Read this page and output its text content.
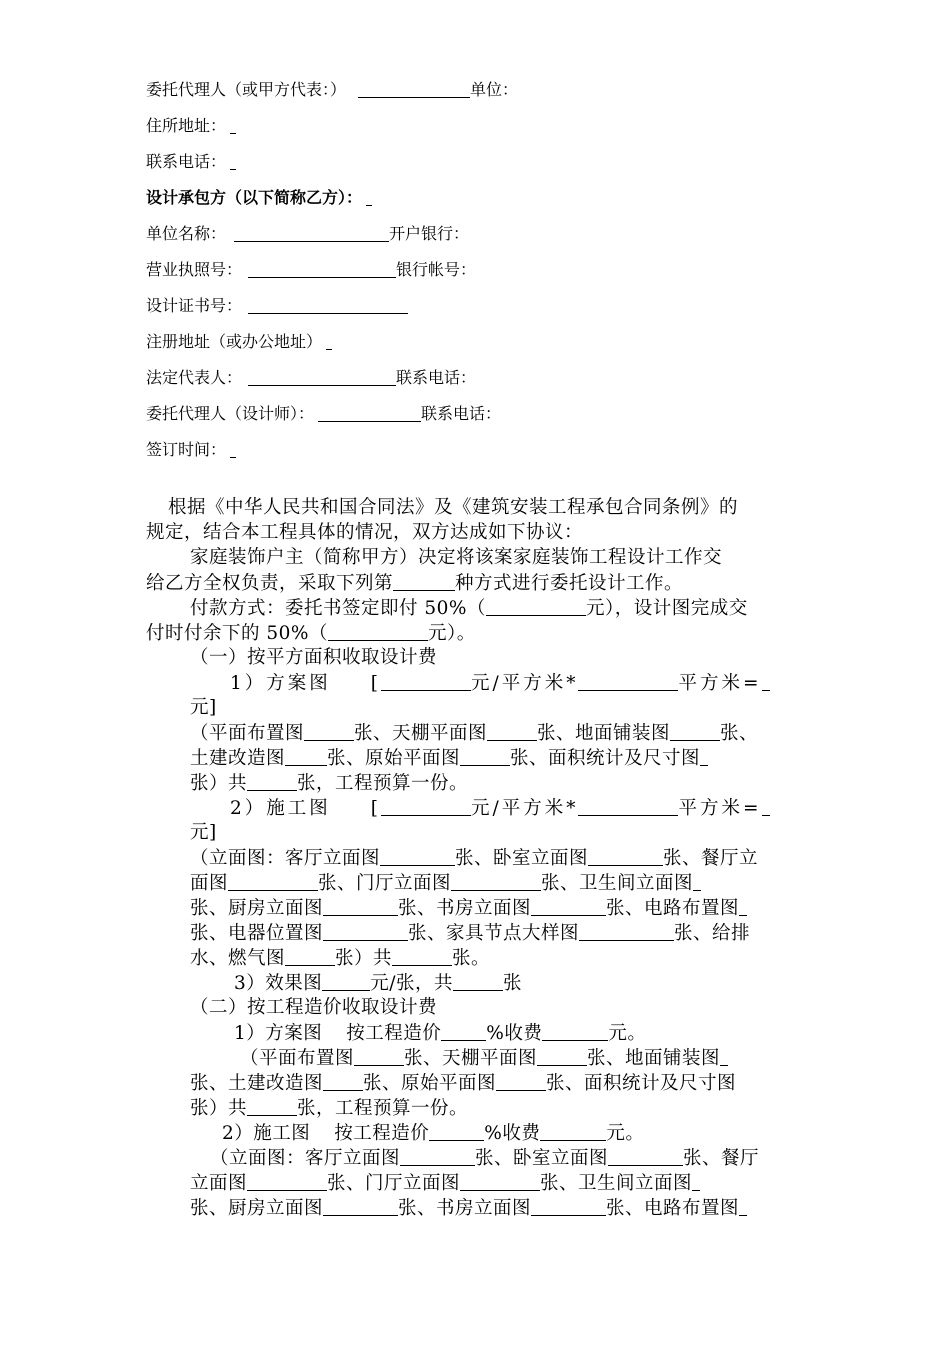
委托代理人（或甲方代表：）	单位：
住所地址：
联系电话：
设计承包方（以下简称乙方）：
单位名称：	开户银行：
营业执照号：	银行帐号：
设计证书号：
注册地址（或办公地址）
法定代表人：	联系电话：
委托代理人（设计师）：	联系电话：
签订时间：
根据《中华人民共和国合同法》及《建筑安装工程承包合同条例》的
规定，结合本工程具体的情况，双方达成如下协议：
家庭装饰户主（简称甲方）决定将该案家庭装饰工程设计工作交
给乙方全权负责，采取下列第	种方式进行委托设计工作。
付款方式：委托书签定即付 50%（	元），设计图完成交
付时付余下的 50%（	元）。
（一）按平方面积收取设计费
1）方案图 [	元/平方米*	平方米=
元]
（平面布置图	张、天棚平面图	张、地面铺装图	张、
土建改造图 张、原始平面图	张、面积统计及尺寸图
张）共	张，工程预算一份。
2）施工图 [	元/平方米*	平方米=
元]
（立面图：客厅立面图	张、卧室立面图	张、餐厅立
面图	张、门厅立面图	张、卫生间立面图
张、厨房立面图	张、书房立面图	张、电路布置图
张、电器位置图	张、家具节点大样图	张、给排
水、燃气图	张）共	张。
3）效果图	元/张，共	张
（二）按工程造价收取设计费
1）方案图 按工程造价 %收费	元。
（平面布置图	张、天棚平面图	张、地面铺装图
张、土建改造图 张、原始平面图	张、面积统计及尺寸图
张）共	张，工程预算一份。
2）施工图 按工程造价	%收费	元。
（立面图：客厅立面图	张、卧室立面图	张、餐厅
立面图	张、门厅立面图	张、卫生间立面图
张、厨房立面图	张、书房立面图	张、电路布置图
